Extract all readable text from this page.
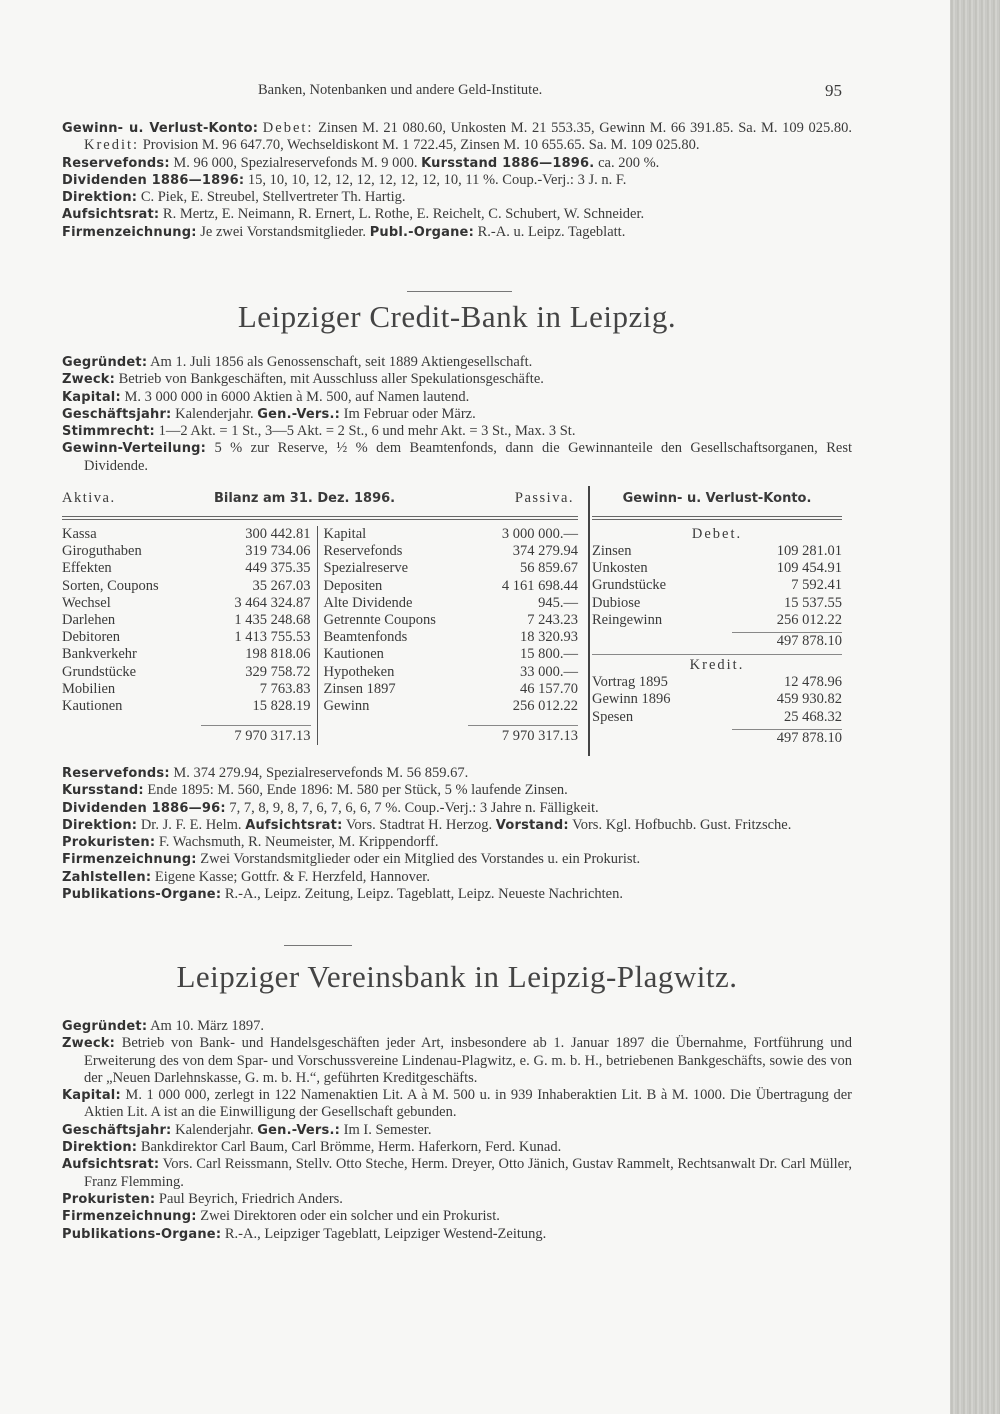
Banken, Notenbanken und andere Geld-Institute.	95

Gewinn- u. Verlust-Konto: Debet: Zinsen M. 21 080.60, Unkosten M. 21 553.35, Gewinn M. 66 391.85. Sa. M. 109 025.80. Kredit: Provision M. 96 647.70, Wechseldiskont M. 1 722.45, Zinsen M. 10 655.65. Sa. M. 109 025.80.

Reservefonds: M. 96 000, Spezialreservefonds M. 9 000. Kursstand 1886—1896. ca. 200 %.

Dividenden 1886—1896: 15, 10, 10, 12, 12, 12, 12, 12, 12, 10, 11 %. Coup.-Verj.: 3 J. n. F.

Direktion: C. Piek, E. Streubel, Stellvertreter Th. Hartig.

Aufsichtsrat: R. Mertz, E. Neimann, R. Ernert, L. Rothe, E. Reichelt, C. Schubert, W. Schneider.

Firmenzeichnung: Je zwei Vorstandsmitglieder. Publ.-Organe: R.-A. u. Leipz. Tageblatt.

Leipziger Credit-Bank in Leipzig.

Gegründet: Am 1. Juli 1856 als Genossenschaft, seit 1889 Aktiengesellschaft.

Zweck: Betrieb von Bankgeschäften, mit Ausschluss aller Spekulationsgeschäfte.

Kapital: M. 3 000 000 in 6000 Aktien à M. 500, auf Namen lautend.

Geschäftsjahr: Kalenderjahr. Gen.-Vers.: Im Februar oder März.

Stimmrecht: 1—2 Akt. = 1 St., 3—5 Akt. = 2 St., 6 und mehr Akt. = 3 St., Max. 3 St.

Gewinn-Verteilung: 5 % zur Reserve, ½ % dem Beamtenfonds, dann die Gewinnanteile den Gesellschaftsorganen, Rest Dividende.

Aktiva.	Bilanz am 31. Dez. 1896.	Passiva.
Kassa	300 442.81
Giroguthaben	319 734.06
Effekten	449 375.35
Sorten, Coupons	35 267.03
Wechsel	3 464 324.87
Darlehen	1 435 248.68
Debitoren	1 413 755.53
Bankverkehr	198 818.06
Grundstücke	329 758.72
Mobilien	7 763.83
Kautionen	15 828.19
7 970 317.13
Kapital	3 000 000.—
Reservefonds	374 279.94
Spezialreserve	56 859.67
Depositen	4 161 698.44
Alte Dividende	945.—
Getrennte Coupons	7 243.23
Beamtenfonds	18 320.93
Kautionen	15 800.—
Hypotheken	33 000.—
Zinsen 1897	46 157.70
Gewinn	256 012.22
7 970 317.13
Gewinn- u. Verlust-Konto.
Debet.
Zinsen	109 281.01
Unkosten	109 454.91
Grundstücke	7 592.41
Dubiose	15 537.55
Reingewinn	256 012.22
497 878.10
Kredit.
Vortrag 1895	12 478.96
Gewinn 1896	459 930.82
Spesen	25 468.32
497 878.10

Reservefonds: M. 374 279.94, Spezialreservefonds M. 56 859.67.

Kursstand: Ende 1895: M. 560, Ende 1896: M. 580 per Stück, 5 % laufende Zinsen.

Dividenden 1886—96: 7, 7, 8, 9, 8, 7, 6, 7, 6, 6, 7 %. Coup.-Verj.: 3 Jahre n. Fälligkeit.

Direktion: Dr. J. F. E. Helm. Aufsichtsrat: Vors. Stadtrat H. Herzog. Vorstand: Vors. Kgl. Hofbuchb. Gust. Fritzsche.

Prokuristen: F. Wachsmuth, R. Neumeister, M. Krippendorff.

Firmenzeichnung: Zwei Vorstandsmitglieder oder ein Mitglied des Vorstandes u. ein Prokurist.

Zahlstellen: Eigene Kasse; Gottfr. & F. Herzfeld, Hannover.

Publikations-Organe: R.-A., Leipz. Zeitung, Leipz. Tageblatt, Leipz. Neueste Nachrichten.

Leipziger Vereinsbank in Leipzig-Plagwitz.

Gegründet: Am 10. März 1897.

Zweck: Betrieb von Bank- und Handelsgeschäften jeder Art, insbesondere ab 1. Januar 1897 die Übernahme, Fortführung und Erweiterung des von dem Spar- und Vorschussvereine Lindenau-Plagwitz, e. G. m. b. H., betriebenen Bankgeschäfts, sowie des von der „Neuen Darlehnskasse, G. m. b. H.“, geführten Kreditgeschäfts.

Kapital: M. 1 000 000, zerlegt in 122 Namenaktien Lit. A à M. 500 u. in 939 Inhaberaktien Lit. B à M. 1000. Die Übertragung der Aktien Lit. A ist an die Einwilligung der Gesellschaft gebunden.

Geschäftsjahr: Kalenderjahr. Gen.-Vers.: Im I. Semester.

Direktion: Bankdirektor Carl Baum, Carl Brömme, Herm. Haferkorn, Ferd. Kunad.

Aufsichtsrat: Vors. Carl Reissmann, Stellv. Otto Steche, Herm. Dreyer, Otto Jänich, Gustav Rammelt, Rechtsanwalt Dr. Carl Müller, Franz Flemming.

Prokuristen: Paul Beyrich, Friedrich Anders.

Firmenzeichnung: Zwei Direktoren oder ein solcher und ein Prokurist.

Publikations-Organe: R.-A., Leipziger Tageblatt, Leipziger Westend-Zeitung.
